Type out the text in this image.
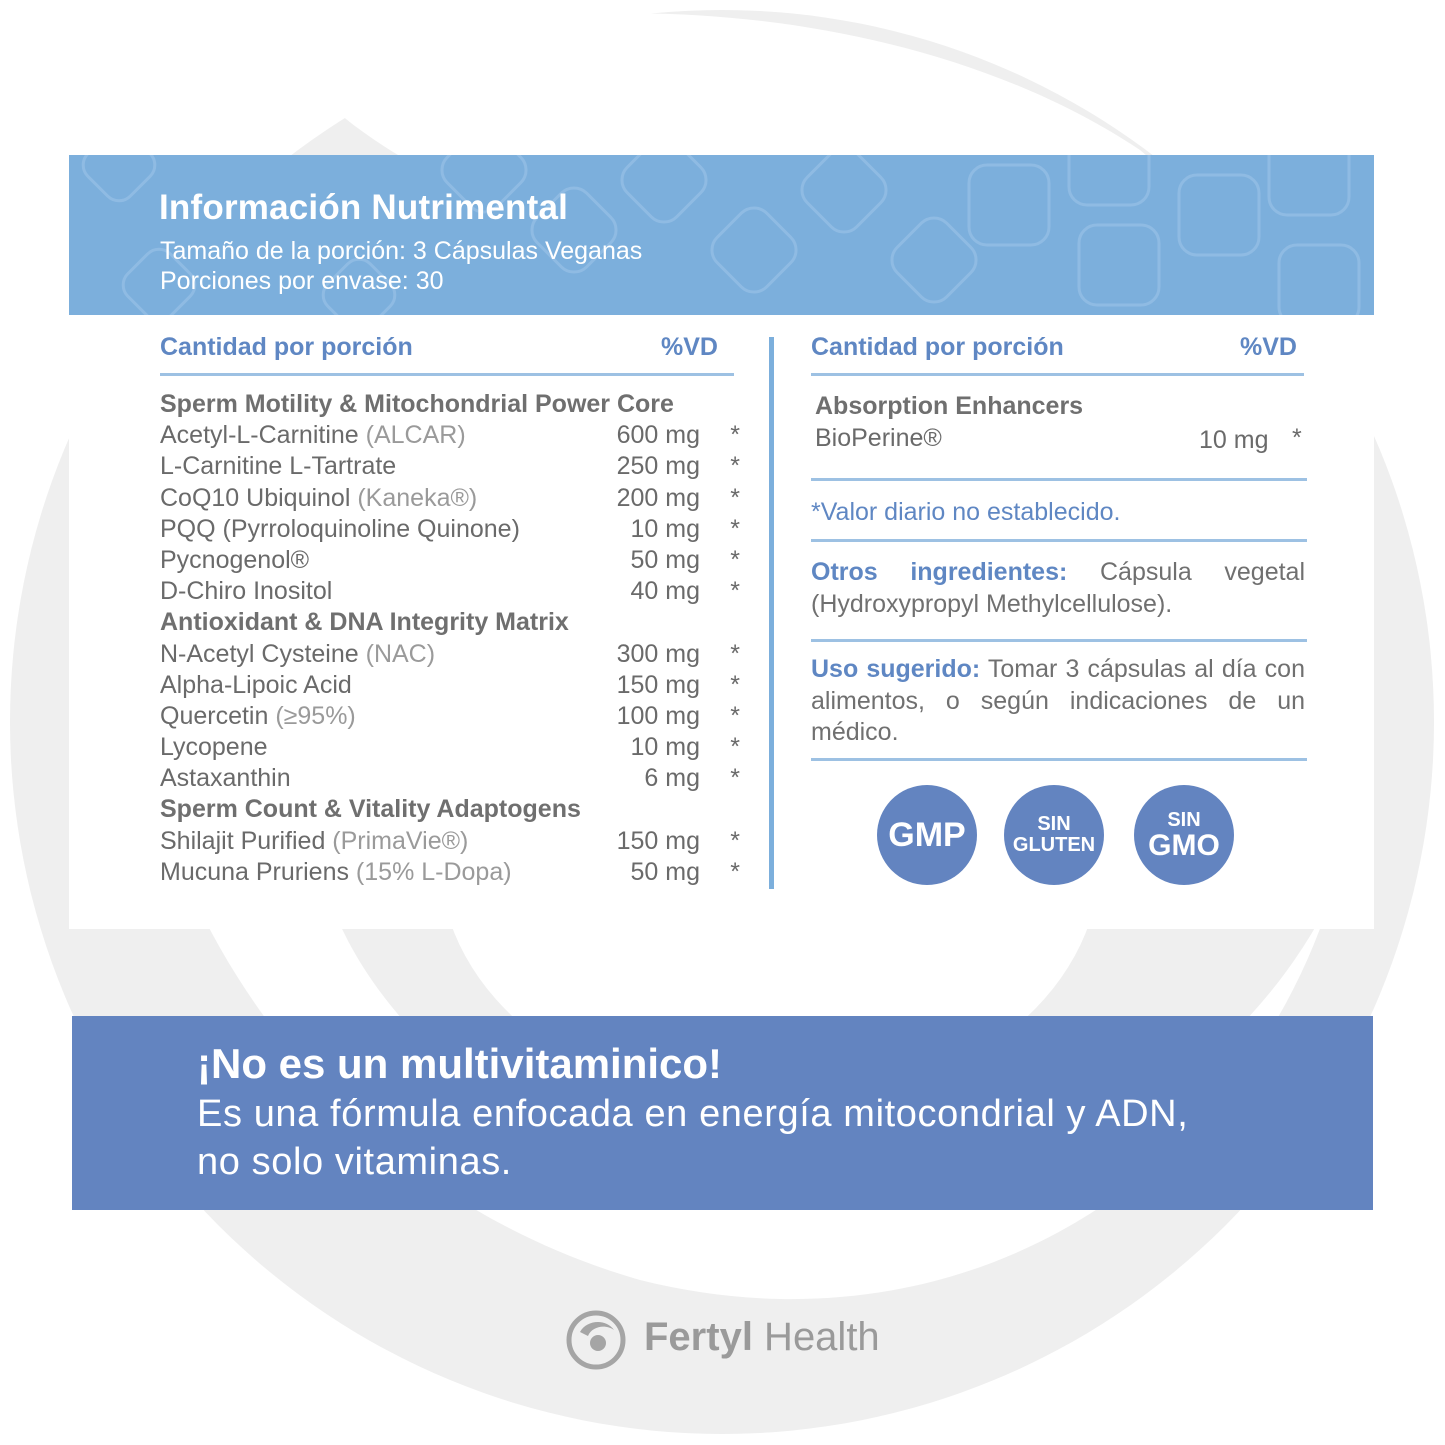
Información Nutrimental
Tamaño de la porción: 3 Cápsulas Veganas
Porciones por envase: 30
Cantidad por porción	%VD
Sperm Motility & Mitochondrial Power Core
Acetyl-L-Carnitine (ALCAR)	600 mg *
L-Carnitine L-Tartrate	250 mg *
CoQ10 Ubiquinol (Kaneka®)	200 mg *
PQQ (Pyrroloquinoline Quinone)	10 mg *
Pycnogenol®	50 mg *
D-Chiro Inositol	40 mg *
Antioxidant & DNA Integrity Matrix
N-Acetyl Cysteine (NAC)	300 mg *
Alpha-Lipoic Acid	150 mg *
Quercetin (≥95%)	100 mg *
Lycopene	10 mg *
Astaxanthin	6 mg *
Sperm Count & Vitality Adaptogens
Shilajit Purified (PrimaVie®)	150 mg *
Mucuna Pruriens (15% L-Dopa)	50 mg *
Cantidad por porción	%VD
Absorption Enhancers
BioPerine®	10 mg *
*Valor diario no establecido.
Otros ingredientes: Cápsula vegetal (Hydroxypropyl Methylcellulose).
Uso sugerido: Tomar 3 cápsulas al día con alimentos, o según indicaciones de un médico.
GMP	SIN
GLUTEN
SIN
GMO
¡No es un multivitaminico!
Es una fórmula enfocada en energía mitocondrial y ADN,
no solo vitaminas.
Fertyl Health
